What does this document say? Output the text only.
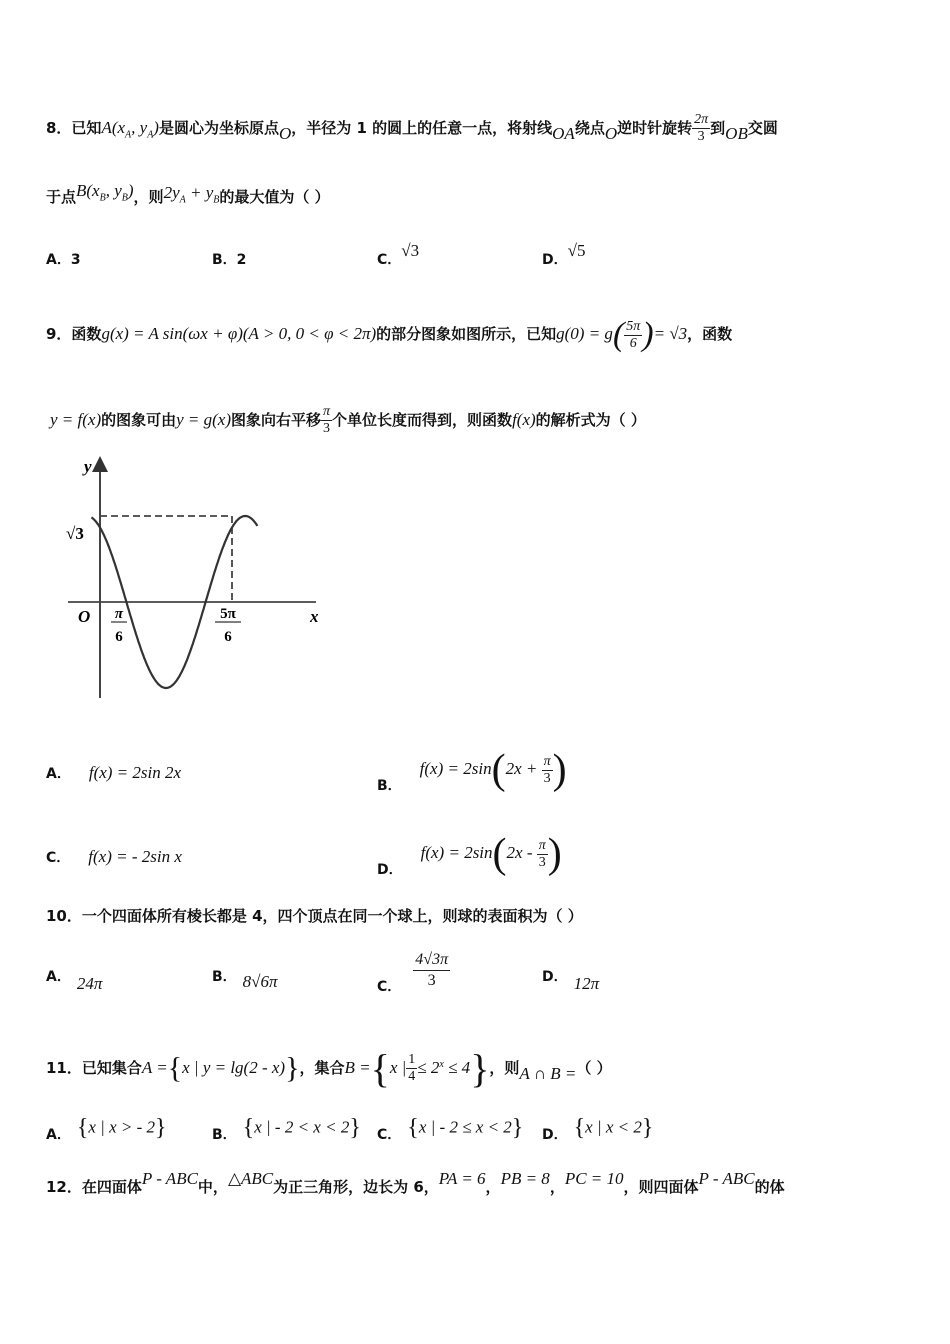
8．已知$A(x_A$, $y_A$)是圆心为坐标原点O，半径为 1 的圆上的任意一点，将射线OA绕点O逆时针旋转 $\frac{2\pi}{3}$ 到OB交圆
于点$B(x_B$, $y_B$)，则$2y_A + y_B$的最大值为（ ）
A．3	B．2	C．√3	D．√5
9．函数g(x) = A sin(ωx + φ)(A > 0, 0 < φ < 2π)的部分图象如图所示，已知$g(0) = g( \frac{5\pi}{6}$ )= √3，函数
y = f(x)的图象可由y = g(x)图象向右平移 $\frac{\pi}{3}$ 个单位长度而得到，则函数f(x)的解析式为（ ）
y
x
O
√3
π
6
5π
6
A． f(x) = 2sin 2x
B．$f(x) = 2\sin(2x + \frac{\pi}{3}$ )
C． f(x) = - 2sin x
D．$f(x) = 2\sin(2x - \frac{\pi}{3}$ )
10．一个四面体所有棱长都是 4，四个顶点在同一个球上，则球的表面积为（ ）
A． 24π	B． 8√6π	C． $\frac{4√3\pi}{3}$	D． 12π
11．已知集合A ={x | y = lg(2 - x)}，集合B ={x | $\frac{1}{4} \le 2^x \le 4$}，则A ∩ B =（ ）
A． {x | x > - 2}	B． {x | - 2 < x < 2} C． {x | - 2 ≤ x < 2} D． {x | x < 2}
12．在四面体P - ABC中，△ABC为正三角形，边长为 6，PA = 6，PB = 8，PC = 10，则四面体P - ABC的体
